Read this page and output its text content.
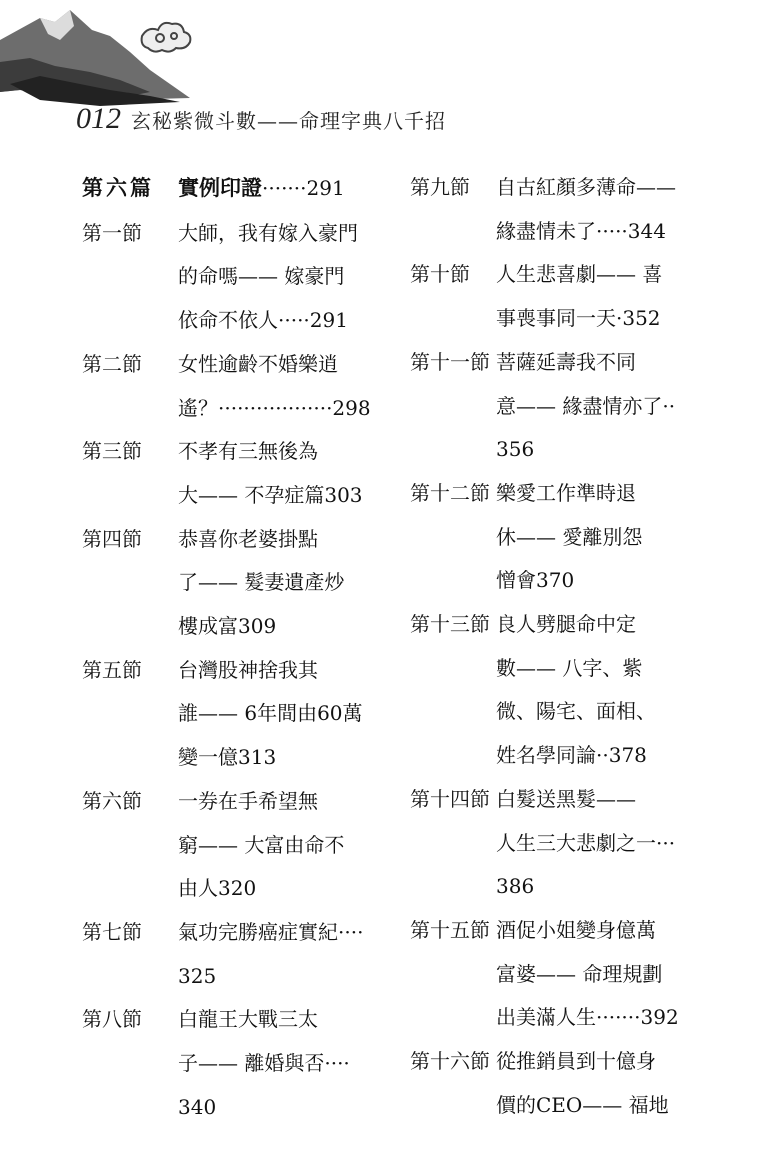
012 玄秘紫微斗數——命理字典八千招
第六篇	實例印證·······291
第一節	大師，我有嫁入豪門
的命嗎—— 嫁豪門
依命不依人·····291
第二節	女性逾齡不婚樂逍
遙？··················298
第三節	不孝有三無後為
大—— 不孕症篇303
第四節	恭喜你老婆掛點
了—— 髮妻遺產炒
樓成富309
第五節	台灣股神捨我其
誰—— 6年間由60萬
變一億313
第六節	一券在手希望無
窮—— 大富由命不
由人320
第七節	氣功完勝癌症實紀····
325
第八節	白龍王大戰三太
子—— 離婚與否····
340
第九節	自古紅顏多薄命——
緣盡情未了·····344
第十節	人生悲喜劇—— 喜
事喪事同一天·352
第十一節 菩薩延壽我不同
意—— 緣盡情亦了··
356
第十二節 樂愛工作準時退
休—— 愛離別怨
憎會370
第十三節 良人劈腿命中定
數—— 八字、紫
微、陽宅、面相、
姓名學同論··378
第十四節 白髮送黑髮——
人生三大悲劇之一···
386
第十五節 酒促小姐變身億萬
富婆—— 命理規劃
出美滿人生·······392
第十六節 從推銷員到十億身
價的CEO—— 福地
